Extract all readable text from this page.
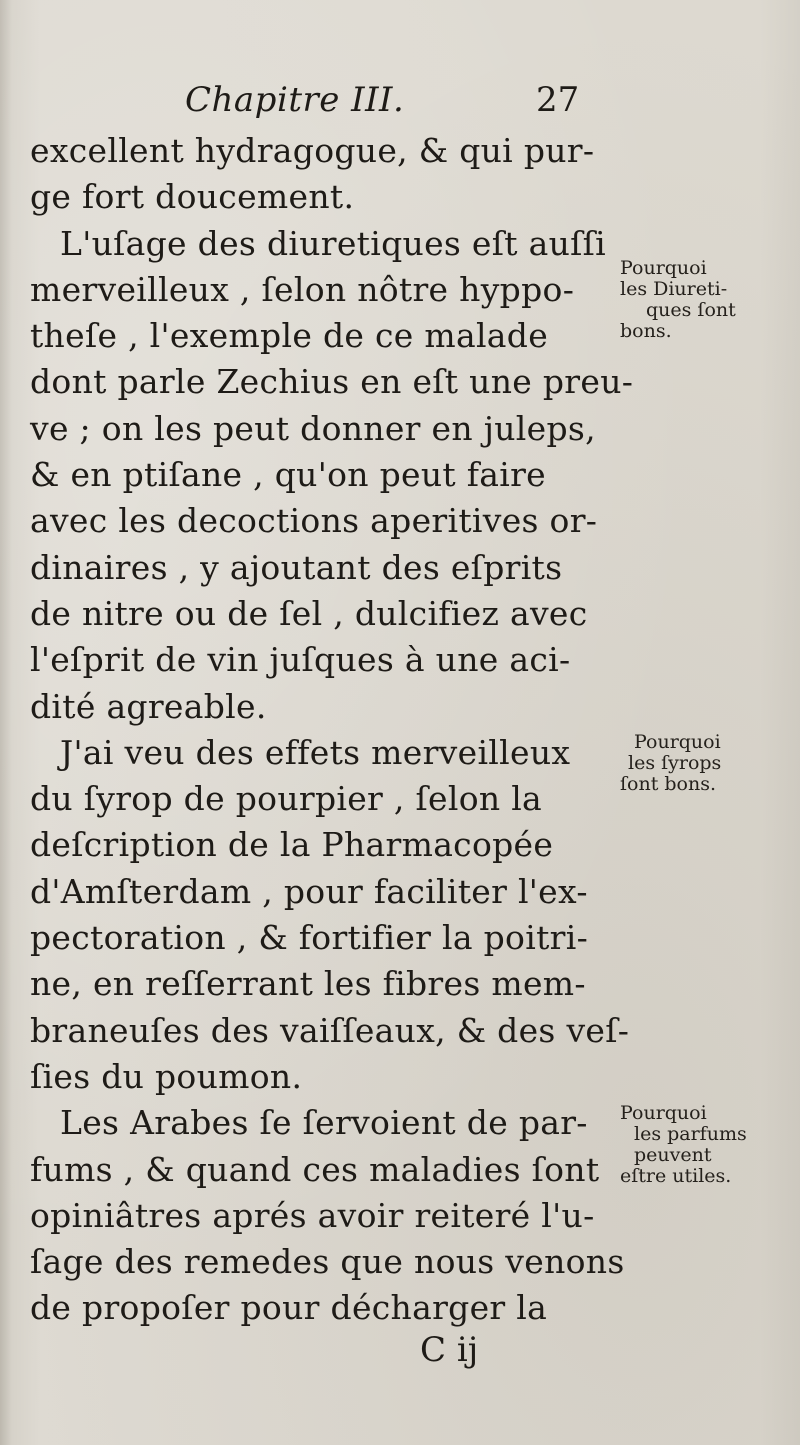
Chapitre III.	27
excellent hydragogue, & qui pur-
ge fort doucement.
L'uſage des diuretiques eſt auſſi
merveilleux , ſelon nôtre hyppo-
theſe , l'exemple de ce malade
dont parle Zechius en eſt une preu-
ve ; on les peut donner en juleps,
& en ptiſane , qu'on peut faire
avec les decoctions aperitives or-
dinaires , y ajoutant des eſprits
de nitre ou de ſel , dulcifiez avec
l'eſprit de vin juſques à une aci-
dité agreable.
J'ai veu des effets merveilleux
du ſyrop de pourpier , ſelon la
deſcription de la Pharmacopée
d'Amſterdam , pour faciliter l'ex-
pectoration , & fortifier la poitri-
ne, en reſſerrant les fibres mem-
braneuſes des vaiſſeaux, & des veſ-
ſies du poumon.
Les Arabes ſe ſervoient de par-
fums , & quand ces maladies ſont
opiniâtres aprés avoir reiteré l'u-
ſage des remedes que nous venons
de propoſer pour décharger la
Pourquoi
les Diureti-
ques ſont
bons.
Pourquoi
les ſyrops
ſont bons.
Pourquoi
les parfums
peuvent
eſtre utiles.
C ij
